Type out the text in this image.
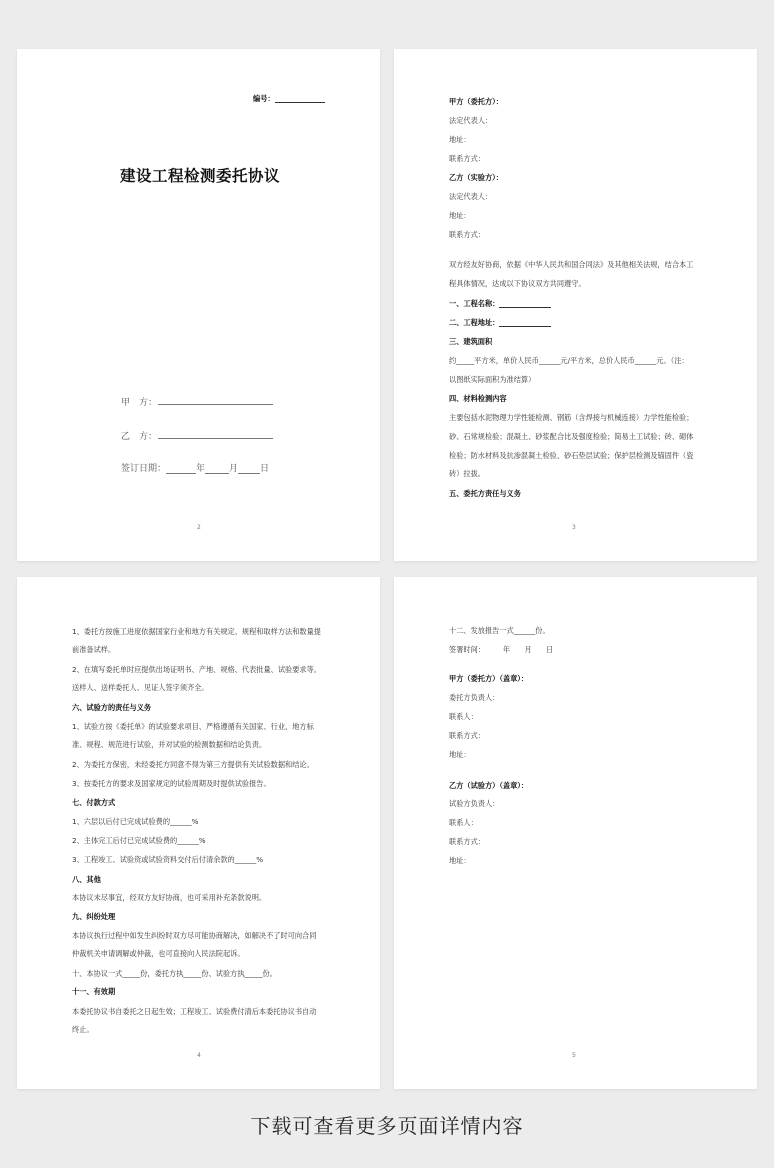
编号：
建设工程检测委托协议
甲　方：
乙　方：
签订日期：	年	月 日
2
甲方（委托方）：
法定代表人：
地址：
联系方式：
乙方（实验方）：
法定代表人：
地址：
联系方式：
双方经友好协商，依据《中华人民共和国合同法》及其他相关法规，结合本工
程具体情况，达成以下协议双方共同遵守。
一、工程名称：
二、工程地址：
三、建筑面积
约_____平方米，单价人民币______元/平方米，总价人民币______元。（注：
以图纸实际面积为准结算）
四、材料检测内容
主要包括水泥物理力学性能检测、钢筋（含焊接与机械连接）力学性能检验；
砂、石常规检验；混凝土、砂浆配合比及强度检验；简易土工试验；砖、砌体
检验；防水材料及抗渗混凝土检验、砂石垫层试验；保护层检测及锚固件（瓷
砖）拉拔。
五、委托方责任与义务
3
1、委托方按施工进度依据国家行业和地方有关规定、规程和取样方法和数量提
前准备试样。
2、在填写委托单时应提供出场证明书、产地、规格、代表批量、试验要求等。
送样人、送样委托人、见证人签字须齐全。
六、试验方的责任与义务
1、试验方按《委托单》的试验要求项目、严格遵循有关国家、行业、地方标
准、规程、规范进行试验，并对试验的检测数据和结论负责。
2、为委托方保密，未经委托方同意不得为第三方提供有关试验数据和结论。
3、按委托方的要求及国家规定的试验周期及时提供试验报告。
七、付款方式
1、六层以后付已完成试验费的______%
2、主体完工后付已完成试验费的______%
3、工程竣工、试验资或试验资料交付后付清余款的______%
八、其他
本协议未尽事宜，经双方友好协商，也可采用补充条款说明。
九、纠纷处理
本协议执行过程中如发生纠纷时双方尽可能协商解决，如解决不了时可向合同
仲裁机关申请调解或仲裁，也可直接向人民法院起诉。
十、本协议一式_____份，委托方执_____份、试验方执_____份。
十一、有效期
本委托协议书自委托之日起生效；工程竣工、试验费付清后本委托协议书自动
终止。
4
十二、发放报告一式______份。
签署时间：　　　年　　月　　日
甲方（委托方）（盖章）：
委托方负责人：
联系人：
联系方式：
地址：
乙方（试验方）（盖章）：
试验方负责人：
联系人：
联系方式：
地址：
5
下载可查看更多页面详情内容
